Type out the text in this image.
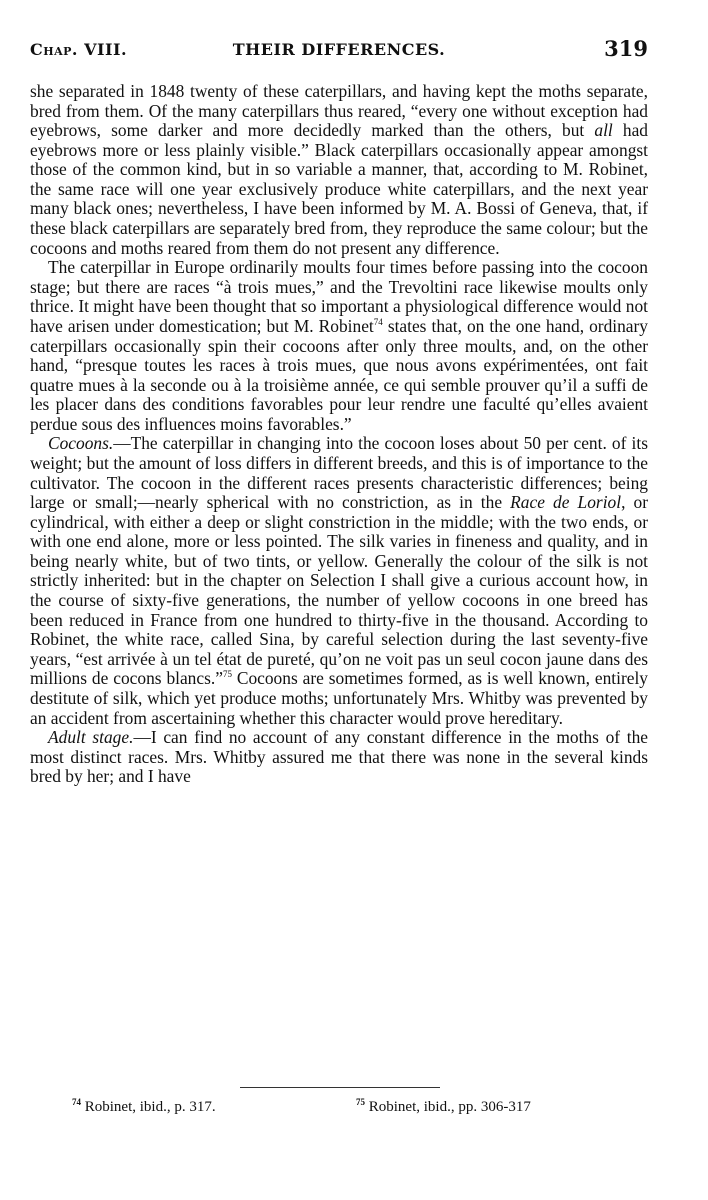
Chap. VIII.	THEIR DIFFERENCES.	319

she separated in 1848 twenty of these caterpillars, and having kept the moths separate, bred from them. Of the many caterpillars thus reared, “every one without exception had eyebrows, some darker and more decidedly marked than the others, but all had eyebrows more or less plainly visible.” Black caterpillars occasionally appear amongst those of the common kind, but in so variable a manner, that, according to M. Robinet, the same race will one year exclusively produce white caterpillars, and the next year many black ones; nevertheless, I have been informed by M. A. Bossi of Geneva, that, if these black caterpillars are separately bred from, they reproduce the same colour; but the cocoons and moths reared from them do not present any difference.

The caterpillar in Europe ordinarily moults four times before passing into the cocoon stage; but there are races “à trois mues,” and the Trevoltini race likewise moults only thrice. It might have been thought that so important a physiological difference would not have arisen under domestication; but M. Robinet$^{74}$ states that, on the one hand, ordinary caterpillars occasionally spin their cocoons after only three moults, and, on the other hand, “presque toutes les races à trois mues, que nous avons expérimentées, ont fait quatre mues à la seconde ou à la troisième année, ce qui semble prouver qu’il a suffi de les placer dans des conditions favorables pour leur rendre une faculté qu’elles avaient perdue sous des influences moins favorables.”

Cocoons.—The caterpillar in changing into the cocoon loses about 50 per cent. of its weight; but the amount of loss differs in different breeds, and this is of importance to the cultivator. The cocoon in the different races presents characteristic differences; being large or small;—nearly spherical with no constriction, as in the Race de Loriol, or cylindrical, with either a deep or slight constriction in the middle; with the two ends, or with one end alone, more or less pointed. The silk varies in fineness and quality, and in being nearly white, but of two tints, or yellow. Generally the colour of the silk is not strictly inherited: but in the chapter on Selection I shall give a curious account how, in the course of sixty-five generations, the number of yellow cocoons in one breed has been reduced in France from one hundred to thirty-five in the thousand. According to Robinet, the white race, called Sina, by careful selection during the last seventy-five years, “est arrivée à un tel état de pureté, qu’on ne voit pas un seul cocon jaune dans des millions de cocons blancs.”$^{75}$ Cocoons are sometimes formed, as is well known, entirely destitute of silk, which yet produce moths; unfortunately Mrs. Whitby was prevented by an accident from ascertaining whether this character would prove hereditary.

Adult stage.—I can find no account of any constant difference in the moths of the most distinct races. Mrs. Whitby assured me that there was none in the several kinds bred by her; and I have

$^{74}$ Robinet, ibid., p. 317.	$^{75}$ Robinet, ibid., pp. 306-317
